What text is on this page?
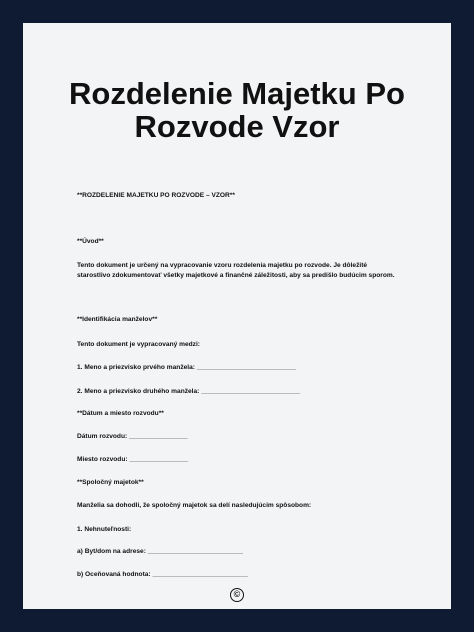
Rozdelenie Majetku Po Rozvode Vzor
**ROZDELENIE MAJETKU PO ROZVODE – VZOR**
**Úvod**
Tento dokument je určený na vypracovanie vzoru rozdelenia majetku po rozvode. Je dôležité starostlivo zdokumentovať všetky majetkové a finančné záležitosti, aby sa predišlo budúcim sporom.
**Identifikácia manželov**
Tento dokument je vypracovaný medzi:
1. Meno a priezvisko prvého manžela: ___________________________
2. Meno a priezvisko druhého manžela: ___________________________
**Dátum a miesto rozvodu**
Dátum rozvodu: ________________
Miesto rozvodu: ________________
**Spoločný majetok**
Manželia sa dohodli, že spoločný majetok sa delí nasledujúcim spôsobom:
1. Nehnuteľnosti:
a) Byt/dom na adrese: __________________________
b) Oceňovaná hodnota: __________________________
©
